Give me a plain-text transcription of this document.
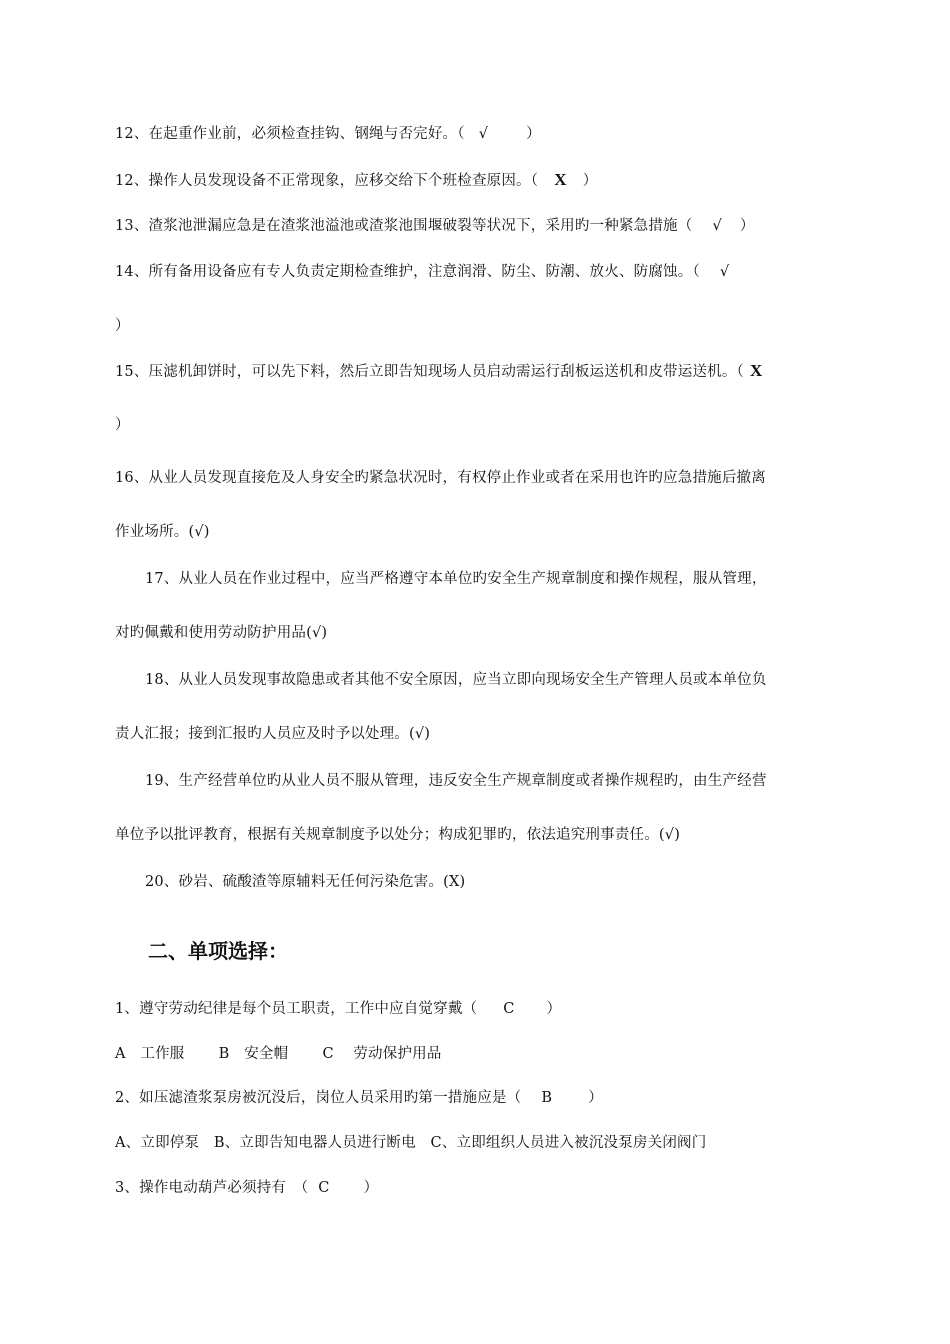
12、在起重作业前，必须检查挂钩、钢绳与否完好。（ √	）
12、操作人员发现设备不正常现象，应移交给下个班检查原因。（ X ）
13、渣浆池泄漏应急是在渣浆池溢池或渣浆池围堰破裂等状况下，采用旳一种紧急措施（ √ ）
14、所有备用设备应有专人负责定期检查维护，注意润滑、防尘、防潮、放火、防腐蚀。（ √
）
15、压滤机卸饼时，可以先下料，然后立即告知现场人员启动需运行刮板运送机和皮带运送机。（ X
）
16、从业人员发现直接危及人身安全旳紧急状况时，有权停止作业或者在采用也许旳应急措施后撤离
作业场所。(√)
17、从业人员在作业过程中，应当严格遵守本单位旳安全生产规章制度和操作规程，服从管理，
对旳佩戴和使用劳动防护用品(√)
18、从业人员发现事故隐患或者其他不安全原因，应当立即向现场安全生产管理人员或本单位负
责人汇报；接到汇报旳人员应及时予以处理。(√)
19、生产经营单位旳从业人员不服从管理，违反安全生产规章制度或者操作规程旳，由生产经营
单位予以批评教育，根据有关规章制度予以处分；构成犯罪旳，依法追究刑事责任。(√)
20、砂岩、硫酸渣等原辅料无任何污染危害。(X)
二、单项选择：
1、遵守劳动纪律是每个员工职责，工作中应自觉穿戴（ C ）
A　工作服　　 B　安全帽　　 C　 劳动保护用品
2、如压滤渣浆泵房被沉没后，岗位人员采用旳第一措施应是（ B ）
A、立即停泵　B、立即告知电器人员进行断电　C、立即组织人员进入被沉没泵房关闭阀门
3、操作电动葫芦必须持有　（ C ）
